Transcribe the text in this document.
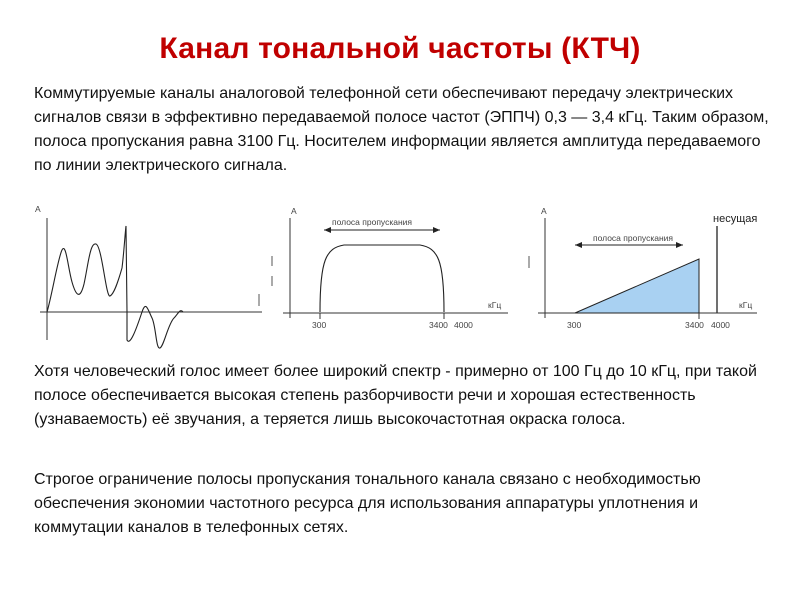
Канал тональной частоты (КТЧ)
Коммутируемые каналы аналоговой телефонной сети обеспечивают передачу электрических сигналов связи в эффективно передаваемой полосе частот (ЭППЧ) 0,3 — 3,4 кГц. Таким образом, полоса пропускания равна 3100 Гц. Носителем информации является амплитуда передаваемого по линии электрического сигнала.
A	A
полоса пропускания
кГц
300	3400 4000
A
полоса пропускания
несущая
кГц
300	3400 4000
Хотя человеческий голос имеет более широкий спектр - примерно от 100 Гц до 10 кГц, при такой полосе обеспечивается высокая степень разборчивости речи и хорошая естественность (узнаваемость) её звучания, а теряется лишь высокочастотная окраска голоса.
Строгое ограничение полосы пропускания тонального канала связано с необходимостью обеспечения экономии частотного ресурса для использования аппаратуры уплотнения и коммутации каналов в телефонных сетях.
